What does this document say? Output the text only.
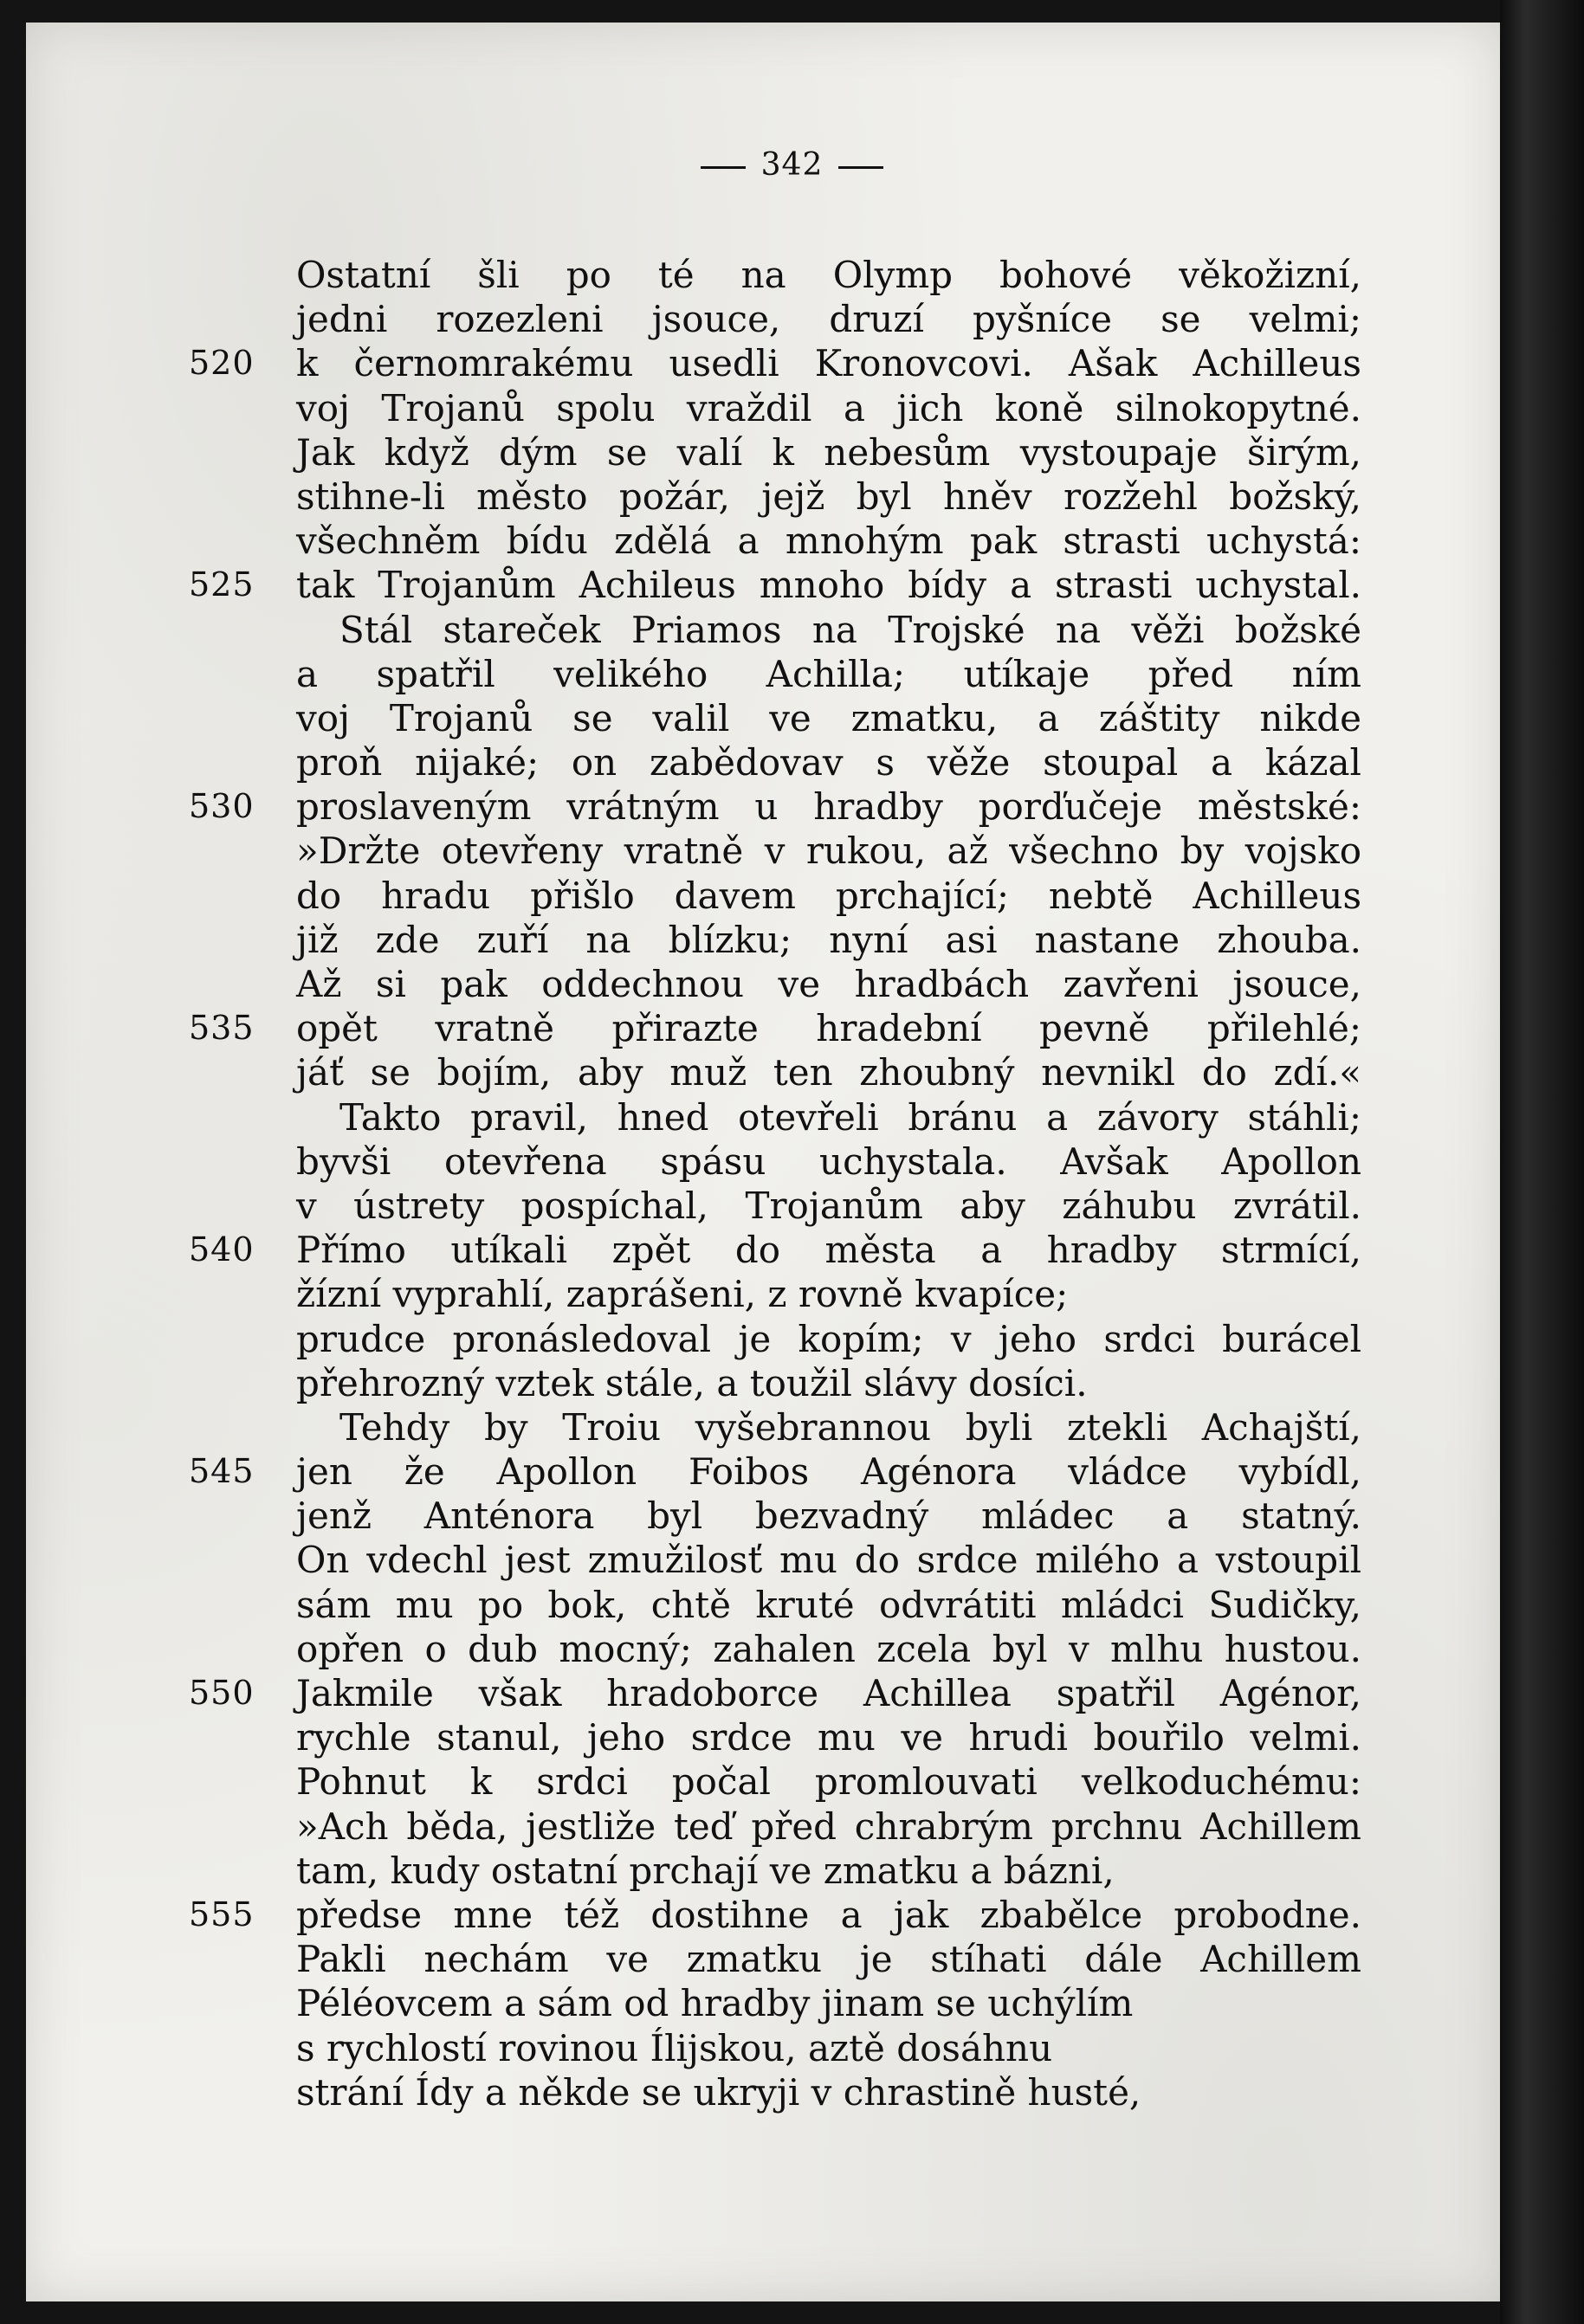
342
Ostatní šli po té na Olymp bohové věkožizní,
jedni rozezleni jsouce, druzí pyšníce se velmi;
520	k černomrakému usedli Kronovcovi. Ašak Achilleus
voj Trojanů spolu vraždil a jich koně silnokopytné.
Jak když dým se valí k nebesům vystoupaje širým,
stihne-li město požár, jejž byl hněv rozžehl božský,
všechněm bídu zdělá a mnohým pak strasti uchystá:
525	tak Trojanům Achileus mnoho bídy a strasti uchystal.
Stál stareček Priamos na Trojské na věži božské
a spatřil velikého Achilla; utíkaje před ním
voj Trojanů se valil ve zmatku, a záštity nikde
proň nijaké; on zabědovav s věže stoupal a kázal
530	proslaveným vrátným u hradby porďučeje městské:
»Držte otevřeny vratně v rukou, až všechno by vojsko
do hradu přišlo davem prchající; nebtě Achilleus
již zde zuří na blízku; nyní asi nastane zhouba.
Až si pak oddechnou ve hradbách zavřeni jsouce,
535	opět vratně přirazte hradební pevně přilehlé;
jáť se bojím, aby muž ten zhoubný nevnikl do zdí.«
Takto pravil, hned otevřeli bránu a závory stáhli;
byvši otevřena spásu uchystala. Avšak Apollon
v ústrety pospíchal, Trojanům aby záhubu zvrátil.
540	Přímo utíkali zpět do města a hradby strmící,
žízní vyprahlí, zaprášeni, z rovně kvapíce;
prudce pronásledoval je kopím; v jeho srdci burácel
přehrozný vztek stále, a toužil slávy dosíci.
Tehdy by Troiu vyšebrannou byli ztekli Achajští,
545	jen že Apollon Foibos Agénora vládce vybídl,
jenž Anténora byl bezvadný mládec a statný.
On vdechl jest zmužilosť mu do srdce milého a vstoupil
sám mu po bok, chtě kruté odvrátiti mládci Sudičky,
opřen o dub mocný; zahalen zcela byl v mlhu hustou.
550	Jakmile však hradoborce Achillea spatřil Agénor,
rychle stanul, jeho srdce mu ve hrudi bouřilo velmi.
Pohnut k srdci počal promlouvati velkoduchému:
»Ach běda, jestliže teď před chrabrým prchnu Achillem
tam, kudy ostatní prchají ve zmatku a bázni,
555	předse mne též dostihne a jak zbabělce probodne.
Pakli nechám ve zmatku je stíhati dále Achillem
Péléovcem a sám od hradby jinam se uchýlím
s rychlostí rovinou Ílijskou, aztě dosáhnu
strání Ídy a někde se ukryji v chrastině husté,
